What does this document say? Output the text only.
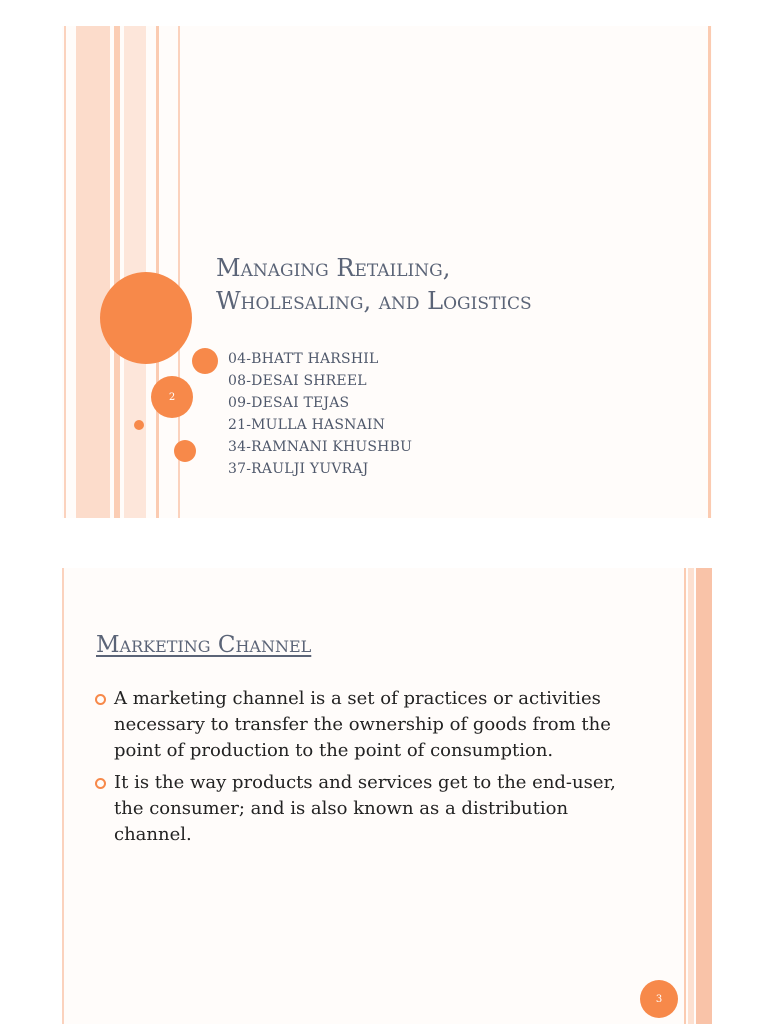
2
Managing Retailing,
Wholesaling, and Logistics
04-BHATT HARSHIL
08-DESAI SHREEL
09-DESAI TEJAS
21-MULLA HASNAIN
34-RAMNANI KHUSHBU
37-RAULJI YUVRAJ
Marketing Channel
A marketing channel is a set of practices or activities necessary to transfer the ownership of goods from the point of production to the point of consumption.
It is the way products and services get to the end-user, the consumer; and is also known as a distribution channel.
3
